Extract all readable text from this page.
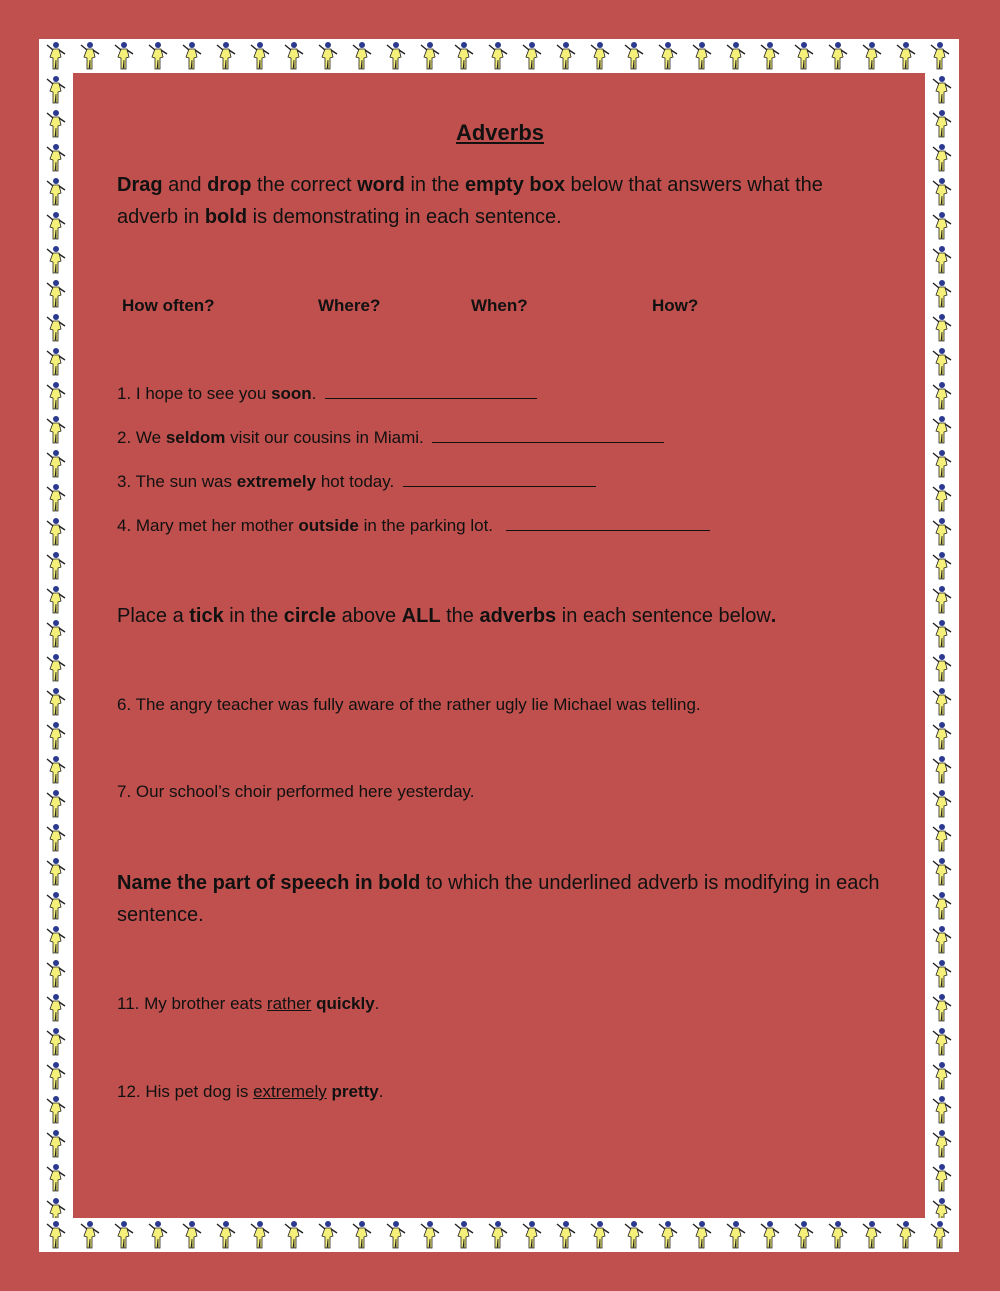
Adverbs
Drag and drop the correct word in the empty box below that answers what the adverb in bold is demonstrating in each sentence.
How often?	Where?	When?	How?
1. I hope to see you soon.
2. We seldom visit our cousins in Miami.
3. The sun was extremely hot today.
4. Mary met her mother outside in the parking lot.
Place a tick in the circle above ALL the adverbs in each sentence below.
6. The angry teacher was fully aware of the rather ugly lie Michael was telling.
7. Our school’s choir performed here yesterday.
Name the part of speech in bold to which the underlined adverb is modifying in each sentence.
11. My brother eats rather quickly.
12. His pet dog is extremely pretty.
